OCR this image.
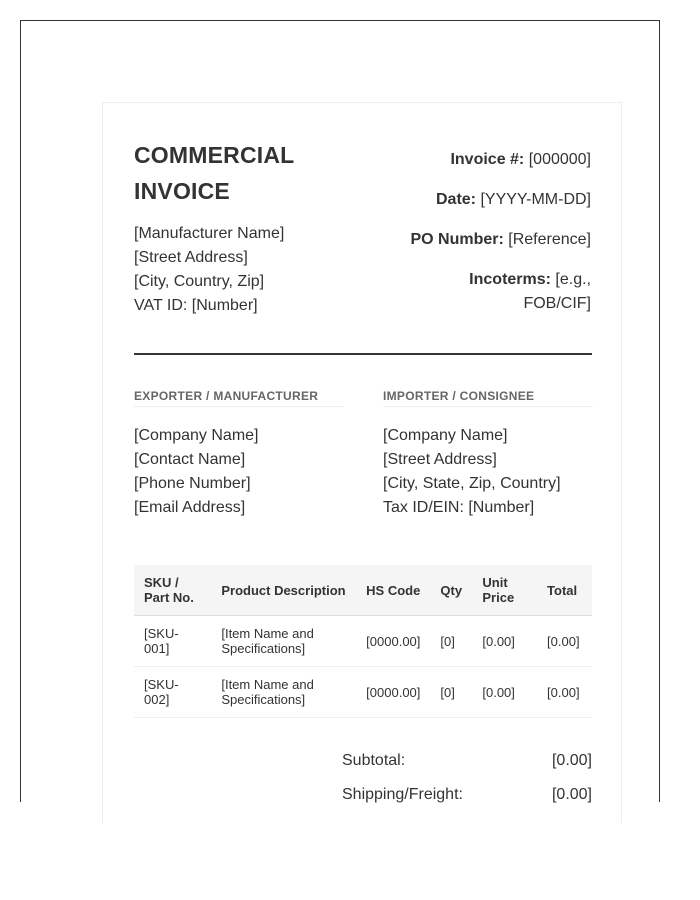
COMMERCIAL
INVOICE
[Manufacturer Name]
[Street Address]
[City, Country, Zip]
VAT ID: [Number]
Invoice #: [000000]
Date: [YYYY-MM-DD]
PO Number: [Reference]
Incoterms: [e.g., FOB/CIF]
EXPORTER / MANUFACTURER
[Company Name]
[Contact Name]
[Phone Number]
[Email Address]
IMPORTER / CONSIGNEE
[Company Name]
[Street Address]
[City, State, Zip, Country]
Tax ID/EIN: [Number]
SKU / Part No.	Product Description	HS Code	Qty	Unit Price	Total
[SKU-001]	[Item Name and Specifications]	[0000.00]	[0]	[0.00]	[0.00]
[SKU-002]	[Item Name and Specifications]	[0000.00]	[0]	[0.00]	[0.00]
Subtotal:	[0.00]
Shipping/Freight:	[0.00]
